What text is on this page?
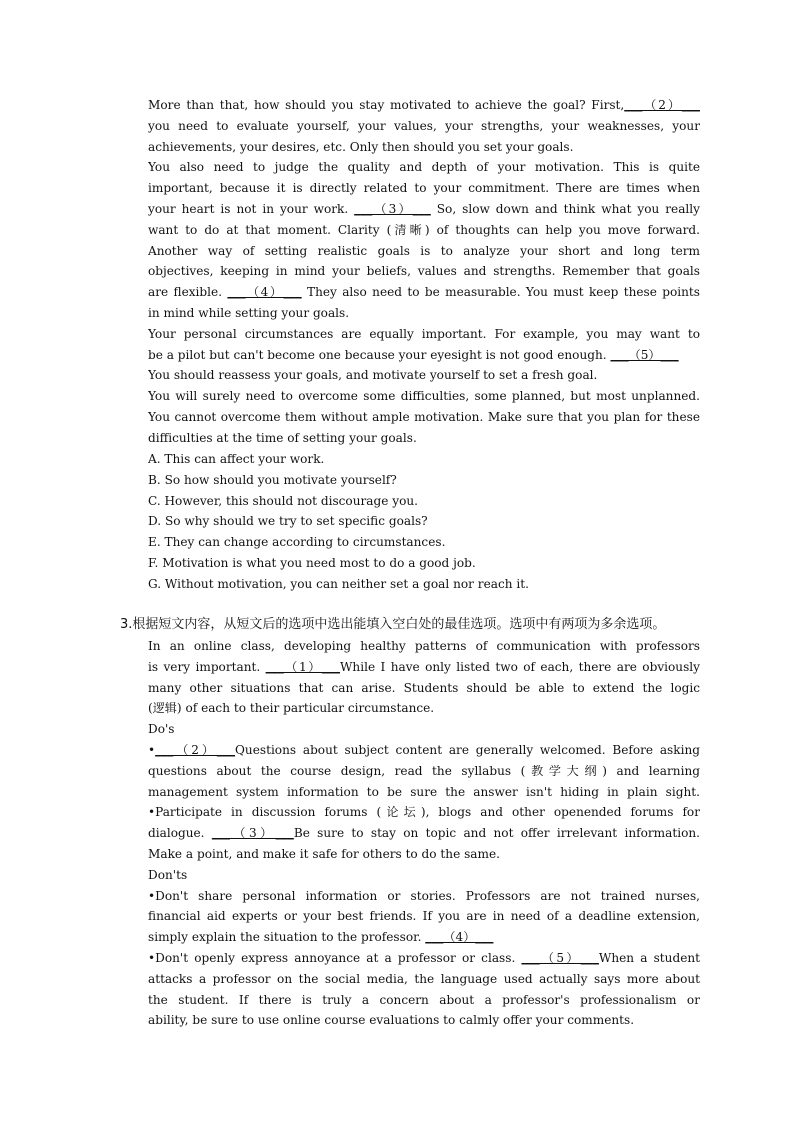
More than that, how should you stay motivated to achieve the goal? First,___（2）___
you need to evaluate yourself, your values, your strengths, your weaknesses, your
achievements, your desires, etc. Only then should you set your goals.
You also need to judge the quality and depth of your motivation. This is quite
important, because it is directly related to your commitment. There are times when
your heart is not in your work. ___（3）___ So, slow down and think what you really
want to do at that moment. Clarity (清晰) of thoughts can help you move forward.
Another way of setting realistic goals is to analyze your short and long term
objectives, keeping in mind your beliefs, values and strengths. Remember that goals
are flexible. ___（4）___ They also need to be measurable. You must keep these points
in mind while setting your goals.
Your personal circumstances are equally important. For example, you may want to
be a pilot but can't become one because your eyesight is not good enough. ___（5）___
You should reassess your goals, and motivate yourself to set a fresh goal.
You will surely need to overcome some difficulties, some planned, but most unplanned.
You cannot overcome them without ample motivation. Make sure that you plan for these
difficulties at the time of setting your goals.
A. This can affect your work.
B. So how should you motivate yourself?
C. However, this should not discourage you.
D. So why should we try to set specific goals?
E. They can change according to circumstances.
F. Motivation is what you need most to do a good job.
G. Without motivation, you can neither set a goal nor reach it.
3.根据短文内容，从短文后的选项中选出能填入空白处的最佳选项。选项中有两项为多余选项。
In an online class, developing healthy patterns of communication with professors
is very important. ___（1）___While I have only listed two of each, there are obviously
many other situations that can arise. Students should be able to extend the logic
(逻辑) of each to their particular circumstance.
Do's
•___（2）___Questions about subject content are generally welcomed. Before asking
questions about the course design, read the syllabus (教学大纲) and learning
management system information to be sure the answer isn't hiding in plain sight.
•Participate in discussion forums (论坛), blogs and other openended forums for
dialogue. ___（3）___Be sure to stay on topic and not offer irrelevant information.
Make a point, and make it safe for others to do the same.
Don'ts
•Don't share personal information or stories. Professors are not trained nurses,
financial aid experts or your best friends. If you are in need of a deadline extension,
simply explain the situation to the professor. ___（4）___
•Don't openly express annoyance at a professor or class. ___（5）___When a student
attacks a professor on the social media, the language used actually says more about
the student. If there is truly a concern about a professor's professionalism or
ability, be sure to use online course evaluations to calmly offer your comments.
